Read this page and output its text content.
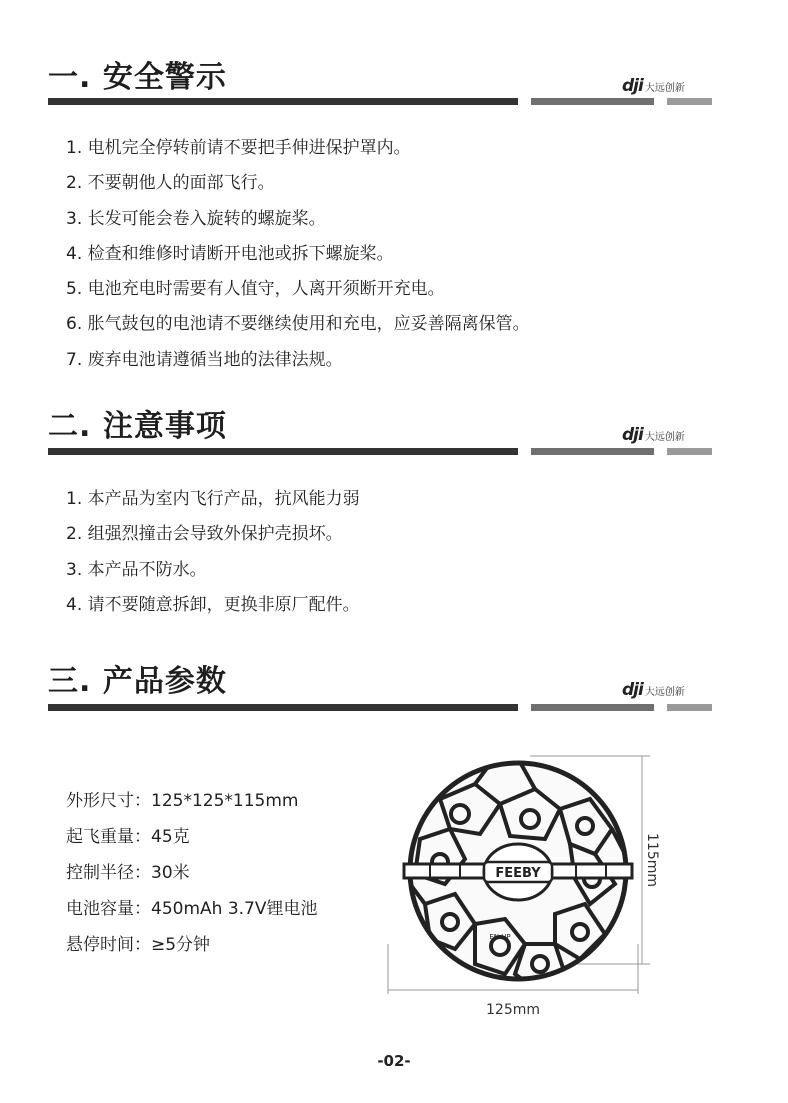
一. 安全警示	dji 大远创新
1. 电机完全停转前请不要把手伸进保护罩内。
2. 不要朝他人的面部飞行。
3. 长发可能会卷入旋转的螺旋桨。
4. 检查和维修时请断开电池或拆下螺旋桨。
5. 电池充电时需要有人值守，人离开须断开充电。
6. 胀气鼓包的电池请不要继续使用和充电，应妥善隔离保管。
7. 废弃电池请遵循当地的法律法规。
二. 注意事项	dji 大远创新
1. 本产品为室内飞行产品，抗风能力弱
2. 组强烈撞击会导致外保护壳损坏。
3. 本产品不防水。
4. 请不要随意拆卸，更换非原厂配件。
三. 产品参数	dji 大远创新
外形尺寸：125*125*115mm
起飞重量：45克
控制半径：30米
电池容量：450mAh 3.7V锂电池
悬停时间：≥5分钟
FEEBY
EN UP
125mm
115mm
-02-
